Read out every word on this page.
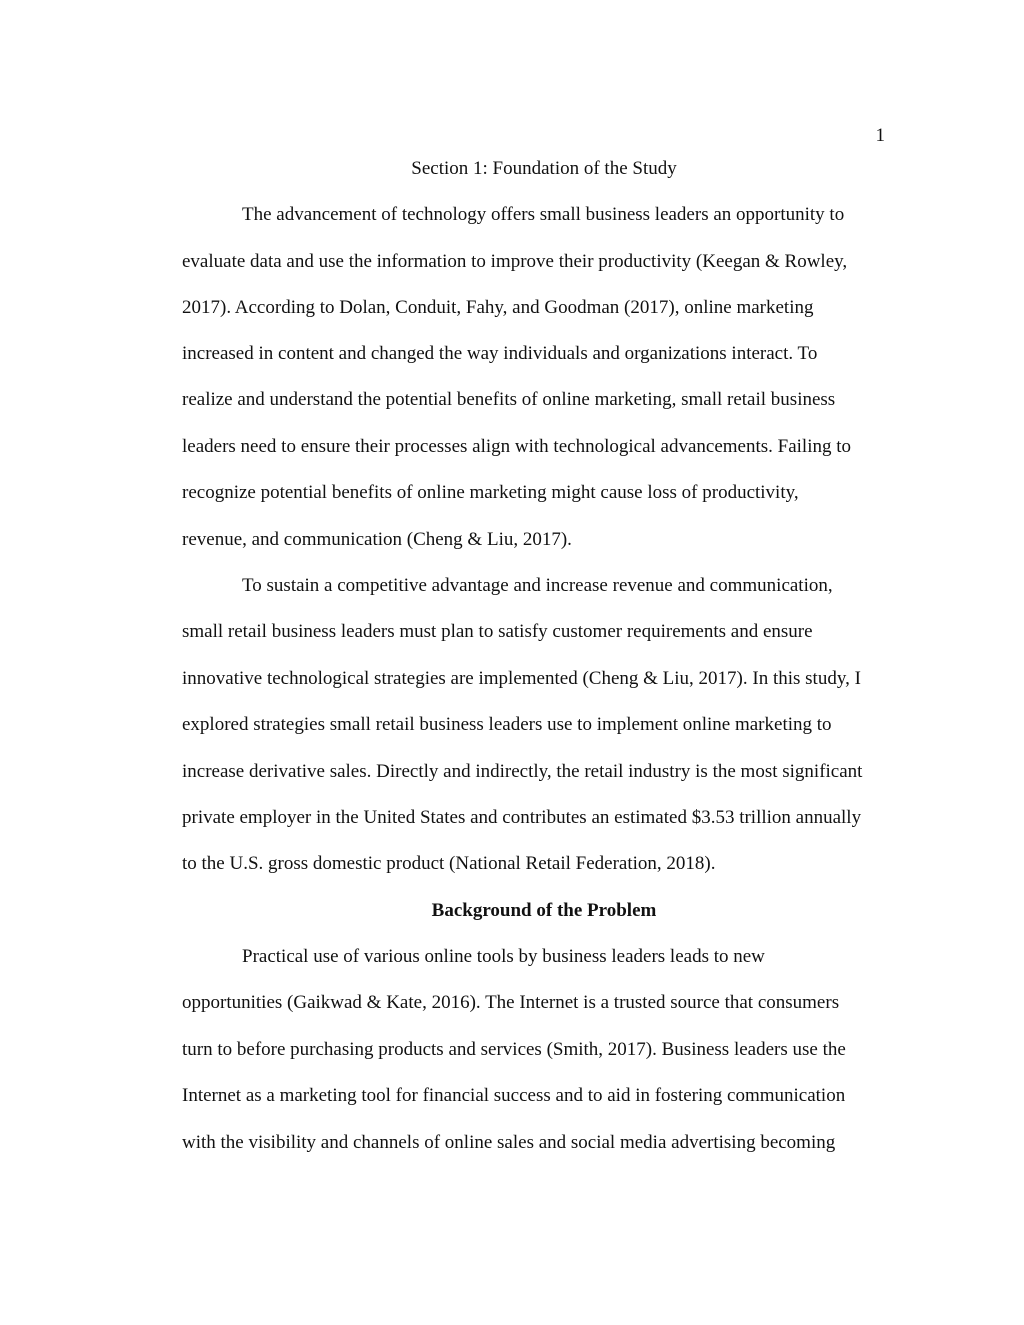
1
Section 1: Foundation of the Study
The advancement of technology offers small business leaders an opportunity to
evaluate data and use the information to improve their productivity (Keegan & Rowley,
2017). According to Dolan, Conduit, Fahy, and Goodman (2017), online marketing
increased in content and changed the way individuals and organizations interact. To
realize and understand the potential benefits of online marketing, small retail business
leaders need to ensure their processes align with technological advancements. Failing to
recognize potential benefits of online marketing might cause loss of productivity,
revenue, and communication (Cheng & Liu, 2017).
To sustain a competitive advantage and increase revenue and communication,
small retail business leaders must plan to satisfy customer requirements and ensure
innovative technological strategies are implemented (Cheng & Liu, 2017). In this study, I
explored strategies small retail business leaders use to implement online marketing to
increase derivative sales. Directly and indirectly, the retail industry is the most significant
private employer in the United States and contributes an estimated $3.53 trillion annually
to the U.S. gross domestic product (National Retail Federation, 2018).
Background of the Problem
Practical use of various online tools by business leaders leads to new
opportunities (Gaikwad & Kate, 2016). The Internet is a trusted source that consumers
turn to before purchasing products and services (Smith, 2017). Business leaders use the
Internet as a marketing tool for financial success and to aid in fostering communication
with the visibility and channels of online sales and social media advertising becoming
